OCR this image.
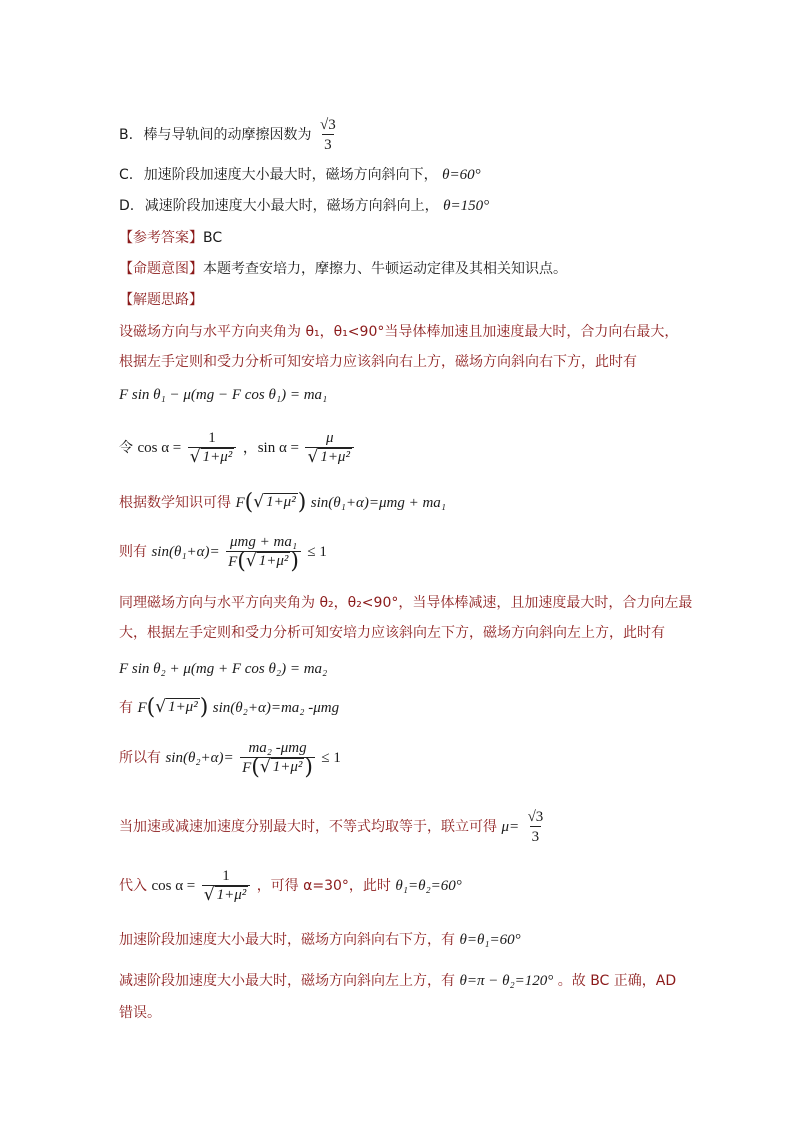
B. 棒与导轨间的动摩擦因数为 $\frac{√3}{3}$
C. 加速阶段加速度大小最大时，磁场方向斜向下， θ=60°
D. 减速阶段加速度大小最大时，磁场方向斜向上， θ=150°
【参考答案】BC
【命题意图】本题考查安培力，摩擦力、牛顿运动定律及其相关知识点。
【解题思路】
设磁场方向与水平方向夹角为 θ₁，θ₁<90°当导体棒加速且加速度最大时，合力向右最大，
根据左手定则和受力分析可知安培力应该斜向右上方，磁场方向斜向右下方，此时有
F sin θ₁ − μ(mg − F cos θ₁) = ma₁
令 $\cos \alpha = \frac{1}{\text{√ 1+μ²}}$ ，$\sin \alpha = \frac{\mu}{\text{√ 1+μ²}}$
根据数学知识可得 F( √ 1+μ² ) sin(θ₁+α)=μmg + ma₁
则有 $\sin(\theta_1+\alpha)= \frac{\text{μmg + ma₁}}{\text{F( √ 1+μ² )}} \le 1$
同理磁场方向与水平方向夹角为 θ₂，θ₂<90°，当导体棒减速，且加速度最大时，合力向左最
大，根据左手定则和受力分析可知安培力应该斜向左下方，磁场方向斜向左上方，此时有
F sin θ₂ + μ(mg + F cos θ₂) = ma₂
有 F( √ 1+μ² ) sin(θ₂+α)=ma₂ -μmg
所以有 $\sin(\theta_2+\alpha)= \frac{\text{ma₂ -μmg}}{\text{F( √ 1+μ² )}} \le 1$
当加速或减速加速度分别最大时，不等式均取等于，联立可得 $\mu= \frac{√3}{3}$
代入 $\cos \alpha = \frac{1}{\text{√ 1+μ²}}$ ，可得 α=30°，此时 θ₁=θ₂=60°
加速阶段加速度大小最大时，磁场方向斜向右下方，有 θ=θ₁=60°
减速阶段加速度大小最大时，磁场方向斜向左上方，有 θ=π − θ₂=120° 。故 BC 正确，AD
错误。
